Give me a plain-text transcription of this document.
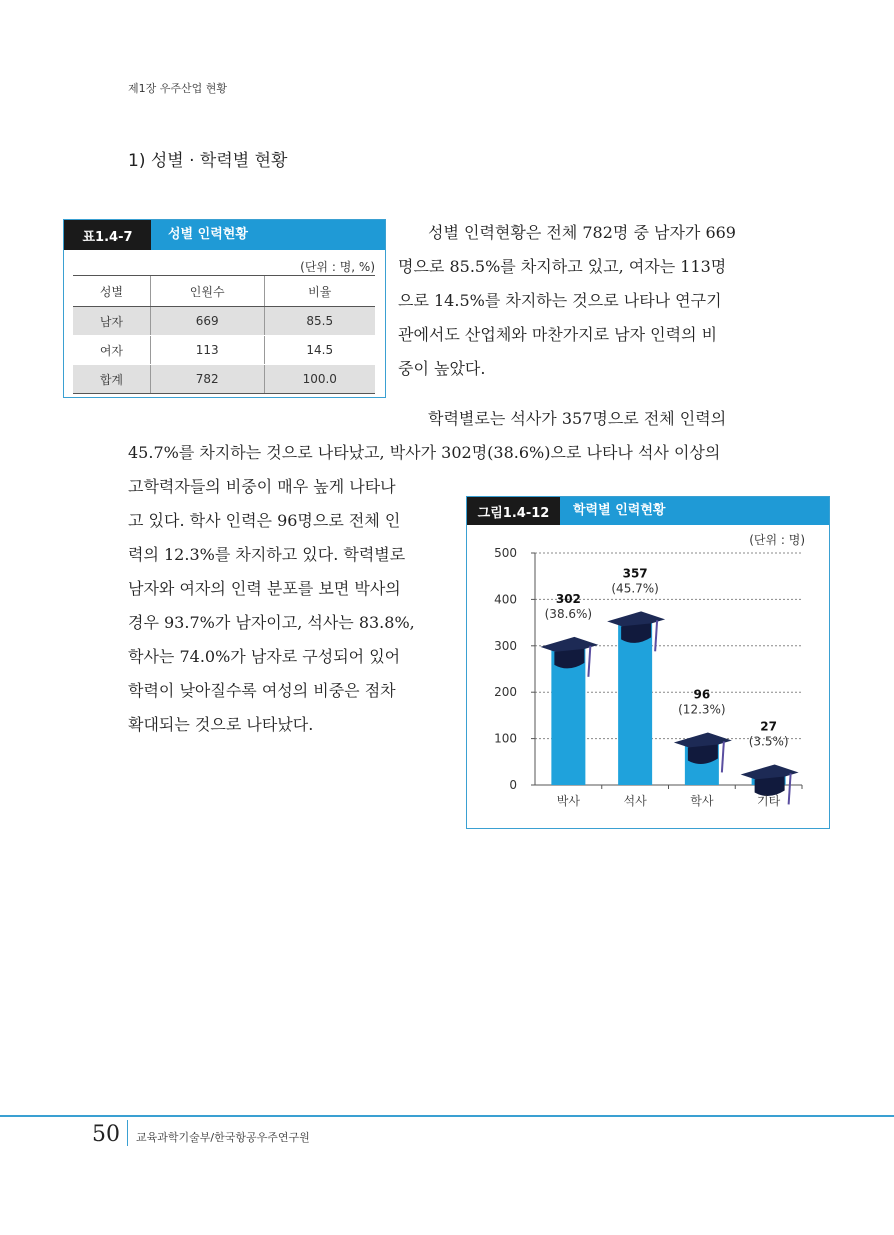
제1장 우주산업 현황
1) 성별 · 학력별 현황
표1.4-7	성별 인력현황
(단위 : 명, %)
성별	인원수	비율
남자	669	85.5
여자	113	14.5
합계	782	100.0
성별 인력현황은 전체 782명 중 남자가 669
명으로 85.5%를 차지하고 있고, 여자는 113명
으로 14.5%를 차지하는 것으로 나타나 연구기
관에서도 산업체와 마찬가지로 남자 인력의 비
중이 높았다.
학력별로는 석사가 357명으로 전체 인력의
45.7%를 차지하는 것으로 나타났고, 박사가 302명(38.6%)으로 나타나 석사 이상의
고학력자들의 비중이 매우 높게 나타나
고 있다. 학사 인력은 96명으로 전체 인
력의 12.3%를 차지하고 있다. 학력별로
남자와 여자의 인력 분포를 보면 박사의
경우 93.7%가 남자이고, 석사는 83.8%,
학사는 74.0%가 남자로 구성되어 있어
학력이 낮아질수록 여성의 비중은 점차
확대되는 것으로 나타났다.
그림1.4-12	학력별 인력현황
(단위 : 명)
0
100
200
300
400
500
302
(38.6%)
박사
357
(45.7%)
석사
96
(12.3%)
학사
27
(3.5%)
기타
50 교육과학기술부/한국항공우주연구원
